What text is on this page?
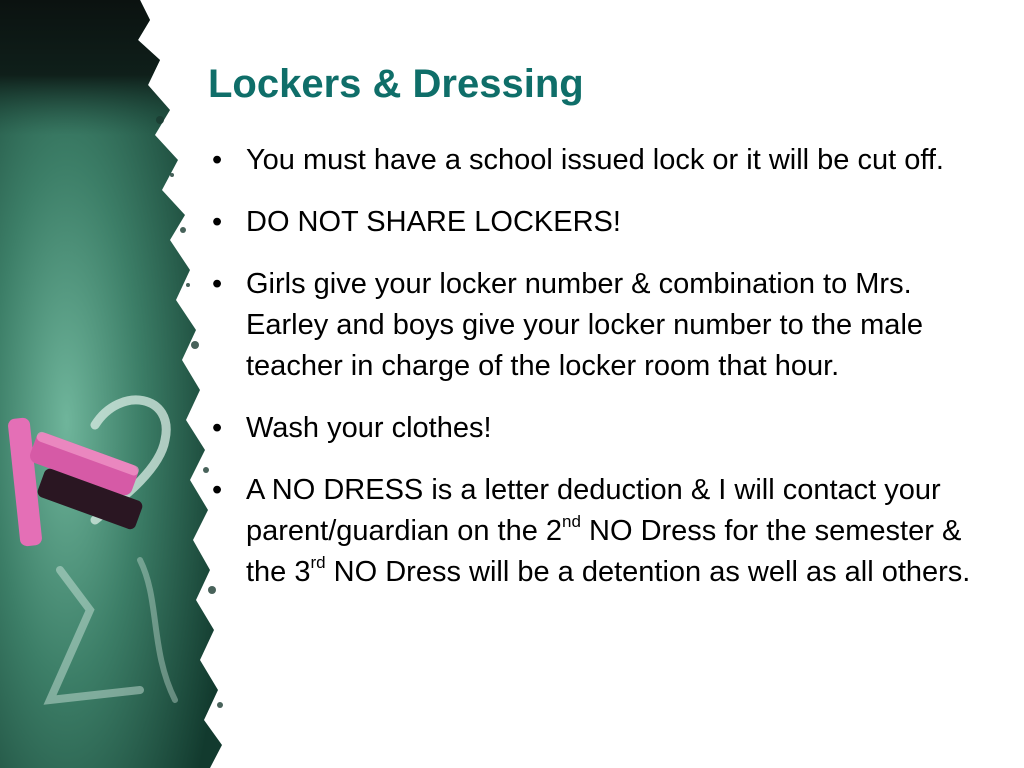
Lockers & Dressing
• You must have a school issued lock or it will be cut off.
• DO NOT SHARE LOCKERS!
• Girls give your locker number & combination to Mrs. Earley and boys give your locker number to the male teacher in charge of the locker room that hour.
• Wash your clothes!
• A NO DRESS is a letter deduction & I will contact your parent/guardian on the 2nd NO Dress for the semester & the 3rd NO Dress will be a detention as well as all others.
